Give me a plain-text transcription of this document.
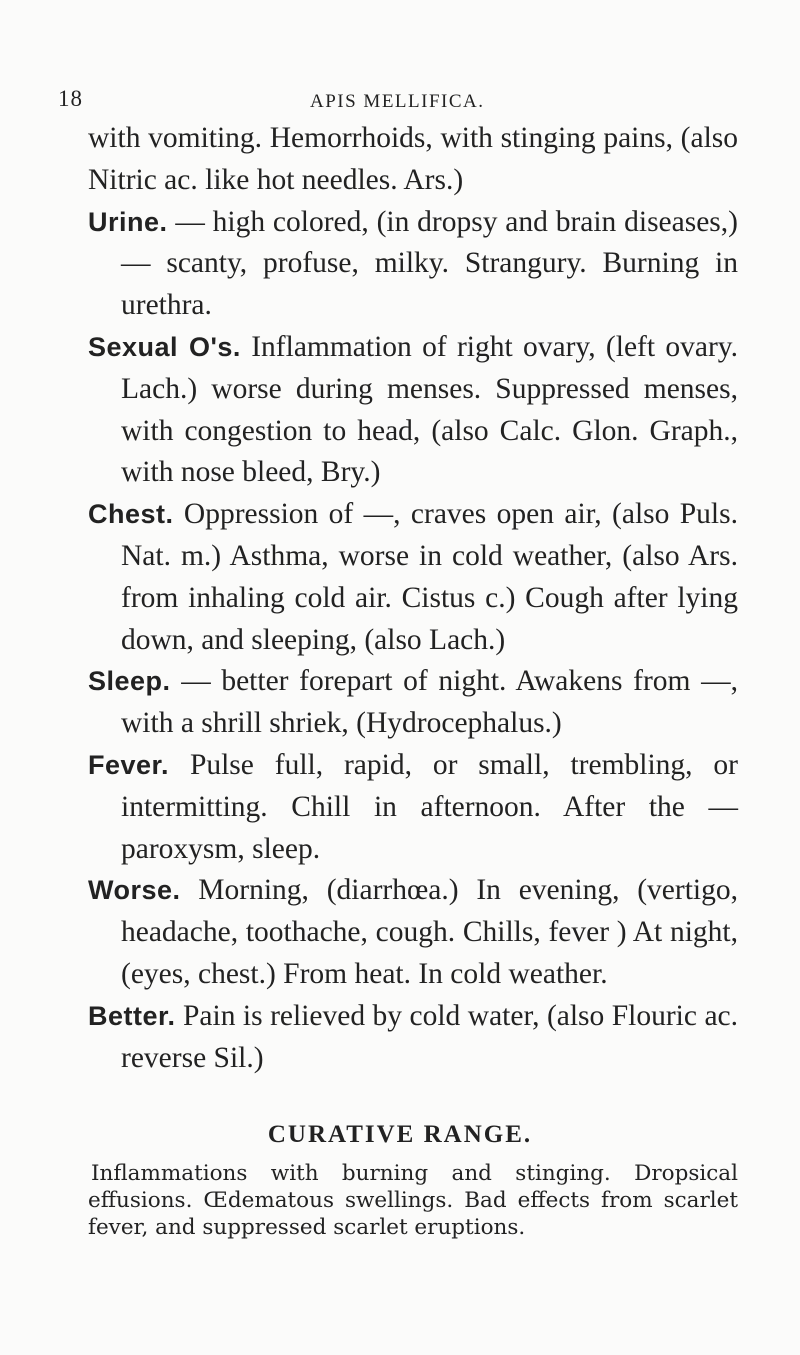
18	APIS MELLIFICA.

with vomiting. Hemorrhoids, with stinging pains, (also Nitric ac. like hot needles. Ars.)

Urine. — high colored, (in dropsy and brain diseases,) — scanty, profuse, milky. Strangury. Burning in urethra.

Sexual O's. Inflammation of right ovary, (left ovary. Lach.) worse during menses. Suppressed menses, with congestion to head, (also Calc. Glon. Graph., with nose bleed, Bry.)

Chest. Oppression of —, craves open air, (also Puls. Nat. m.) Asthma, worse in cold weather, (also Ars. from inhaling cold air. Cistus c.) Cough after lying down, and sleeping, (also Lach.)

Sleep. — better forepart of night. Awakens from —, with a shrill shriek, (Hydrocephalus.)

Fever. Pulse full, rapid, or small, trembling, or intermitting. Chill in afternoon. After the — paroxysm, sleep.

Worse. Morning, (diarrhœa.) In evening, (vertigo, headache, toothache, cough. Chills, fever ) At night, (eyes, chest.) From heat. In cold weather.

Better. Pain is relieved by cold water, (also Flouric ac. reverse Sil.)

CURATIVE RANGE.
Inflammations with burning and stinging. Dropsical effusions. Œdematous swellings. Bad effects from scarlet fever, and suppressed scarlet eruptions.
